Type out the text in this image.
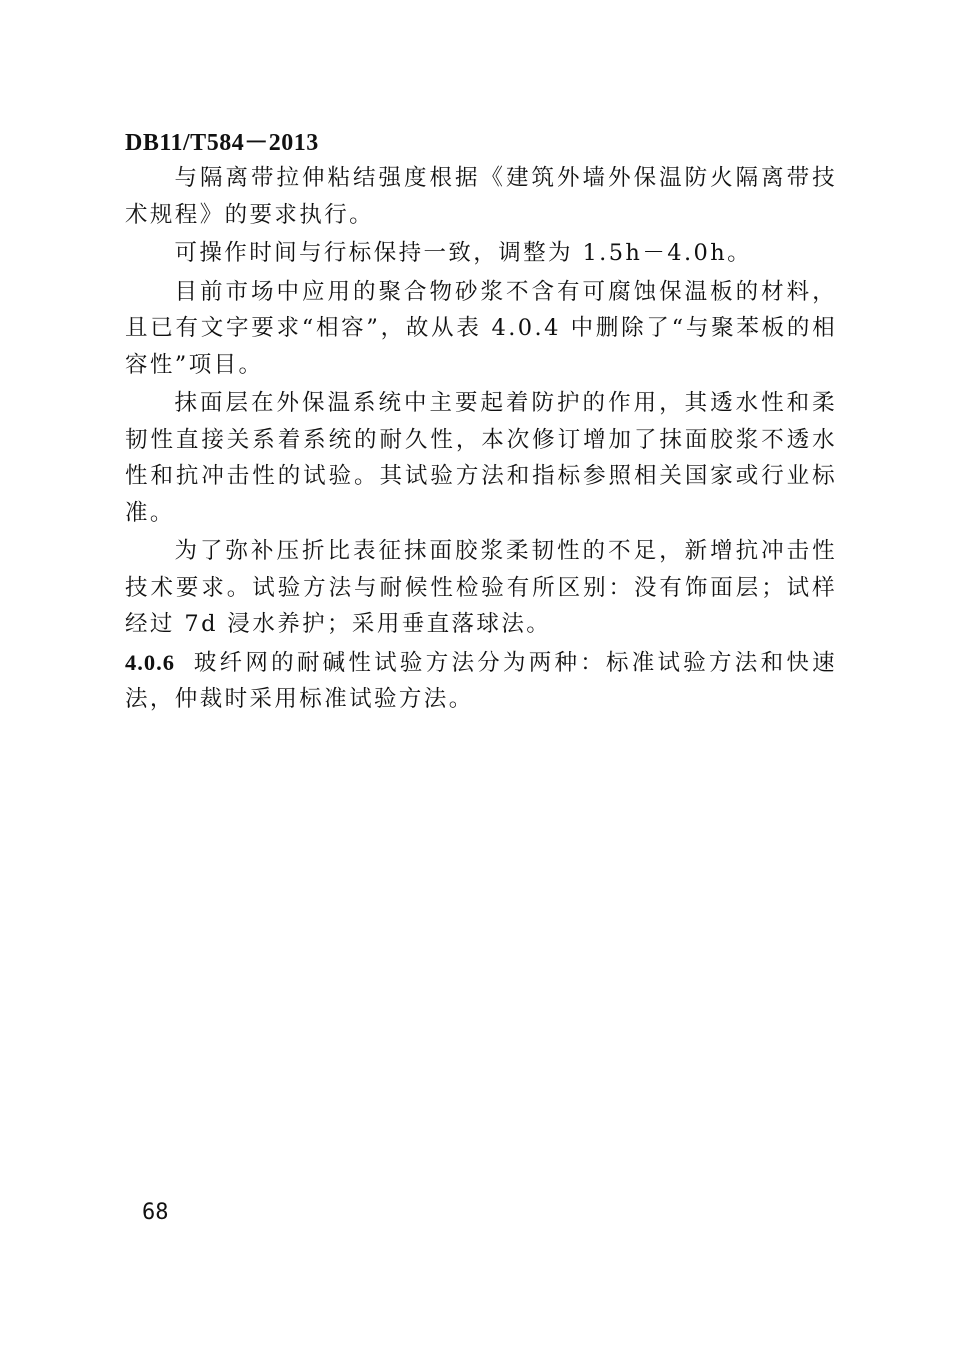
DB11/T584－2013

与隔离带拉伸粘结强度根据《建筑外墙外保温防火隔离带技术规程》的要求执行。

可操作时间与行标保持一致，调整为 1.5h－4.0h。

目前市场中应用的聚合物砂浆不含有可腐蚀保温板的材料，且已有文字要求“相容”，故从表 4.0.4 中删除了“与聚苯板的相容性”项目。

抹面层在外保温系统中主要起着防护的作用，其透水性和柔韧性直接关系着系统的耐久性，本次修订增加了抹面胶浆不透水性和抗冲击性的试验。其试验方法和指标参照相关国家或行业标准。

为了弥补压折比表征抹面胶浆柔韧性的不足，新增抗冲击性技术要求。试验方法与耐候性检验有所区别：没有饰面层；试样经过 7d 浸水养护；采用垂直落球法。

4.0.6 玻纤网的耐碱性试验方法分为两种：标准试验方法和快速法，仲裁时采用标准试验方法。

68
